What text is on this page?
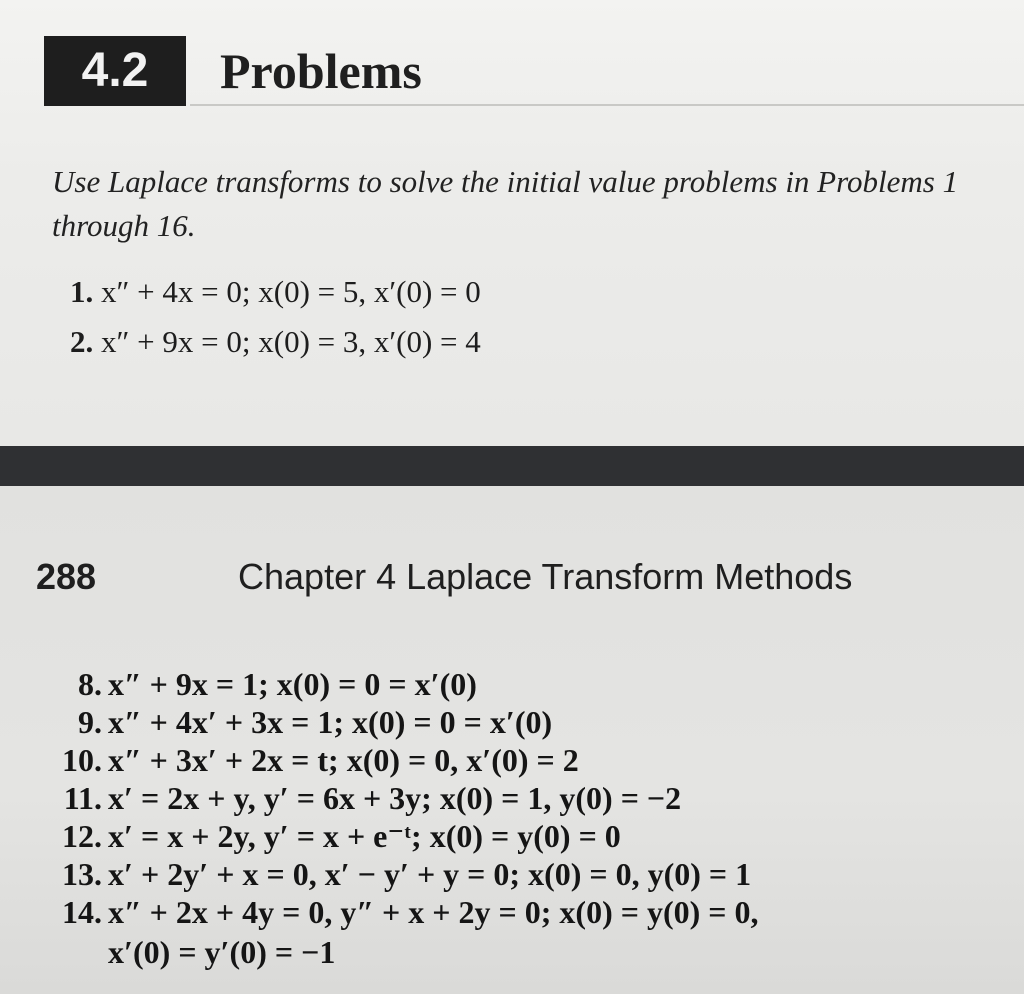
4.2	Problems
Use Laplace transforms to solve the initial value problems in Problems 1 through 16.
1. x″ + 4x = 0; x(0) = 5, x′(0) = 0
2. x″ + 9x = 0; x(0) = 3, x′(0) = 4
288	Chapter 4 Laplace Transform Methods
8. x″ + 9x = 1; x(0) = 0 = x′(0)
9. x″ + 4x′ + 3x = 1; x(0) = 0 = x′(0)
10. x″ + 3x′ + 2x = t; x(0) = 0, x′(0) = 2
11. x′ = 2x + y, y′ = 6x + 3y; x(0) = 1, y(0) = −2
12. x′ = x + 2y, y′ = x + e⁻ᵗ; x(0) = y(0) = 0
13. x′ + 2y′ + x = 0, x′ − y′ + y = 0; x(0) = 0, y(0) = 1
14. x″ + 2x + 4y = 0, y″ + x + 2y = 0; x(0) = y(0) = 0,
x′(0) = y′(0) = −1
